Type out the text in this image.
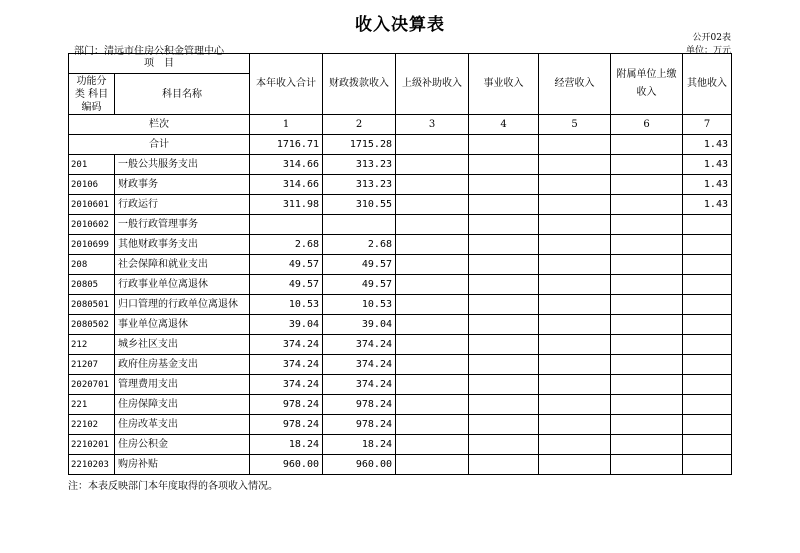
收入决算表
部门：清远市住房公积金管理中心
公开02表
单位：万元
项　目		本年收入合计	财政拨款收入	上级补助收入	事业收入	经营收入	附属单位上缴 收入	其他收入
功能分类 科目编码	科目名称							
栏次		1	2	3	4	5	6	7
合计		1716.71	1715.28					1.43
201	一般公共服务支出	314.66	313.23					1.43
20106	财政事务	314.66	313.23					1.43
2010601	行政运行	311.98	310.55					1.43
2010602	一般行政管理事务							
2010699	其他财政事务支出	2.68	2.68					
208	社会保障和就业支出	49.57	49.57					
20805	行政事业单位离退休	49.57	49.57					
2080501	归口管理的行政单位离退休	10.53	10.53					
2080502	事业单位离退休	39.04	39.04					
212	城乡社区支出	374.24	374.24					
21207	政府住房基金支出	374.24	374.24					
2020701	管理费用支出	374.24	374.24					
221	住房保障支出	978.24	978.24					
22102	住房改革支出	978.24	978.24					
2210201	住房公积金	18.24	18.24					
2210203	购房补贴	960.00	960.00					
注：本表反映部门本年度取得的各项收入情况。
